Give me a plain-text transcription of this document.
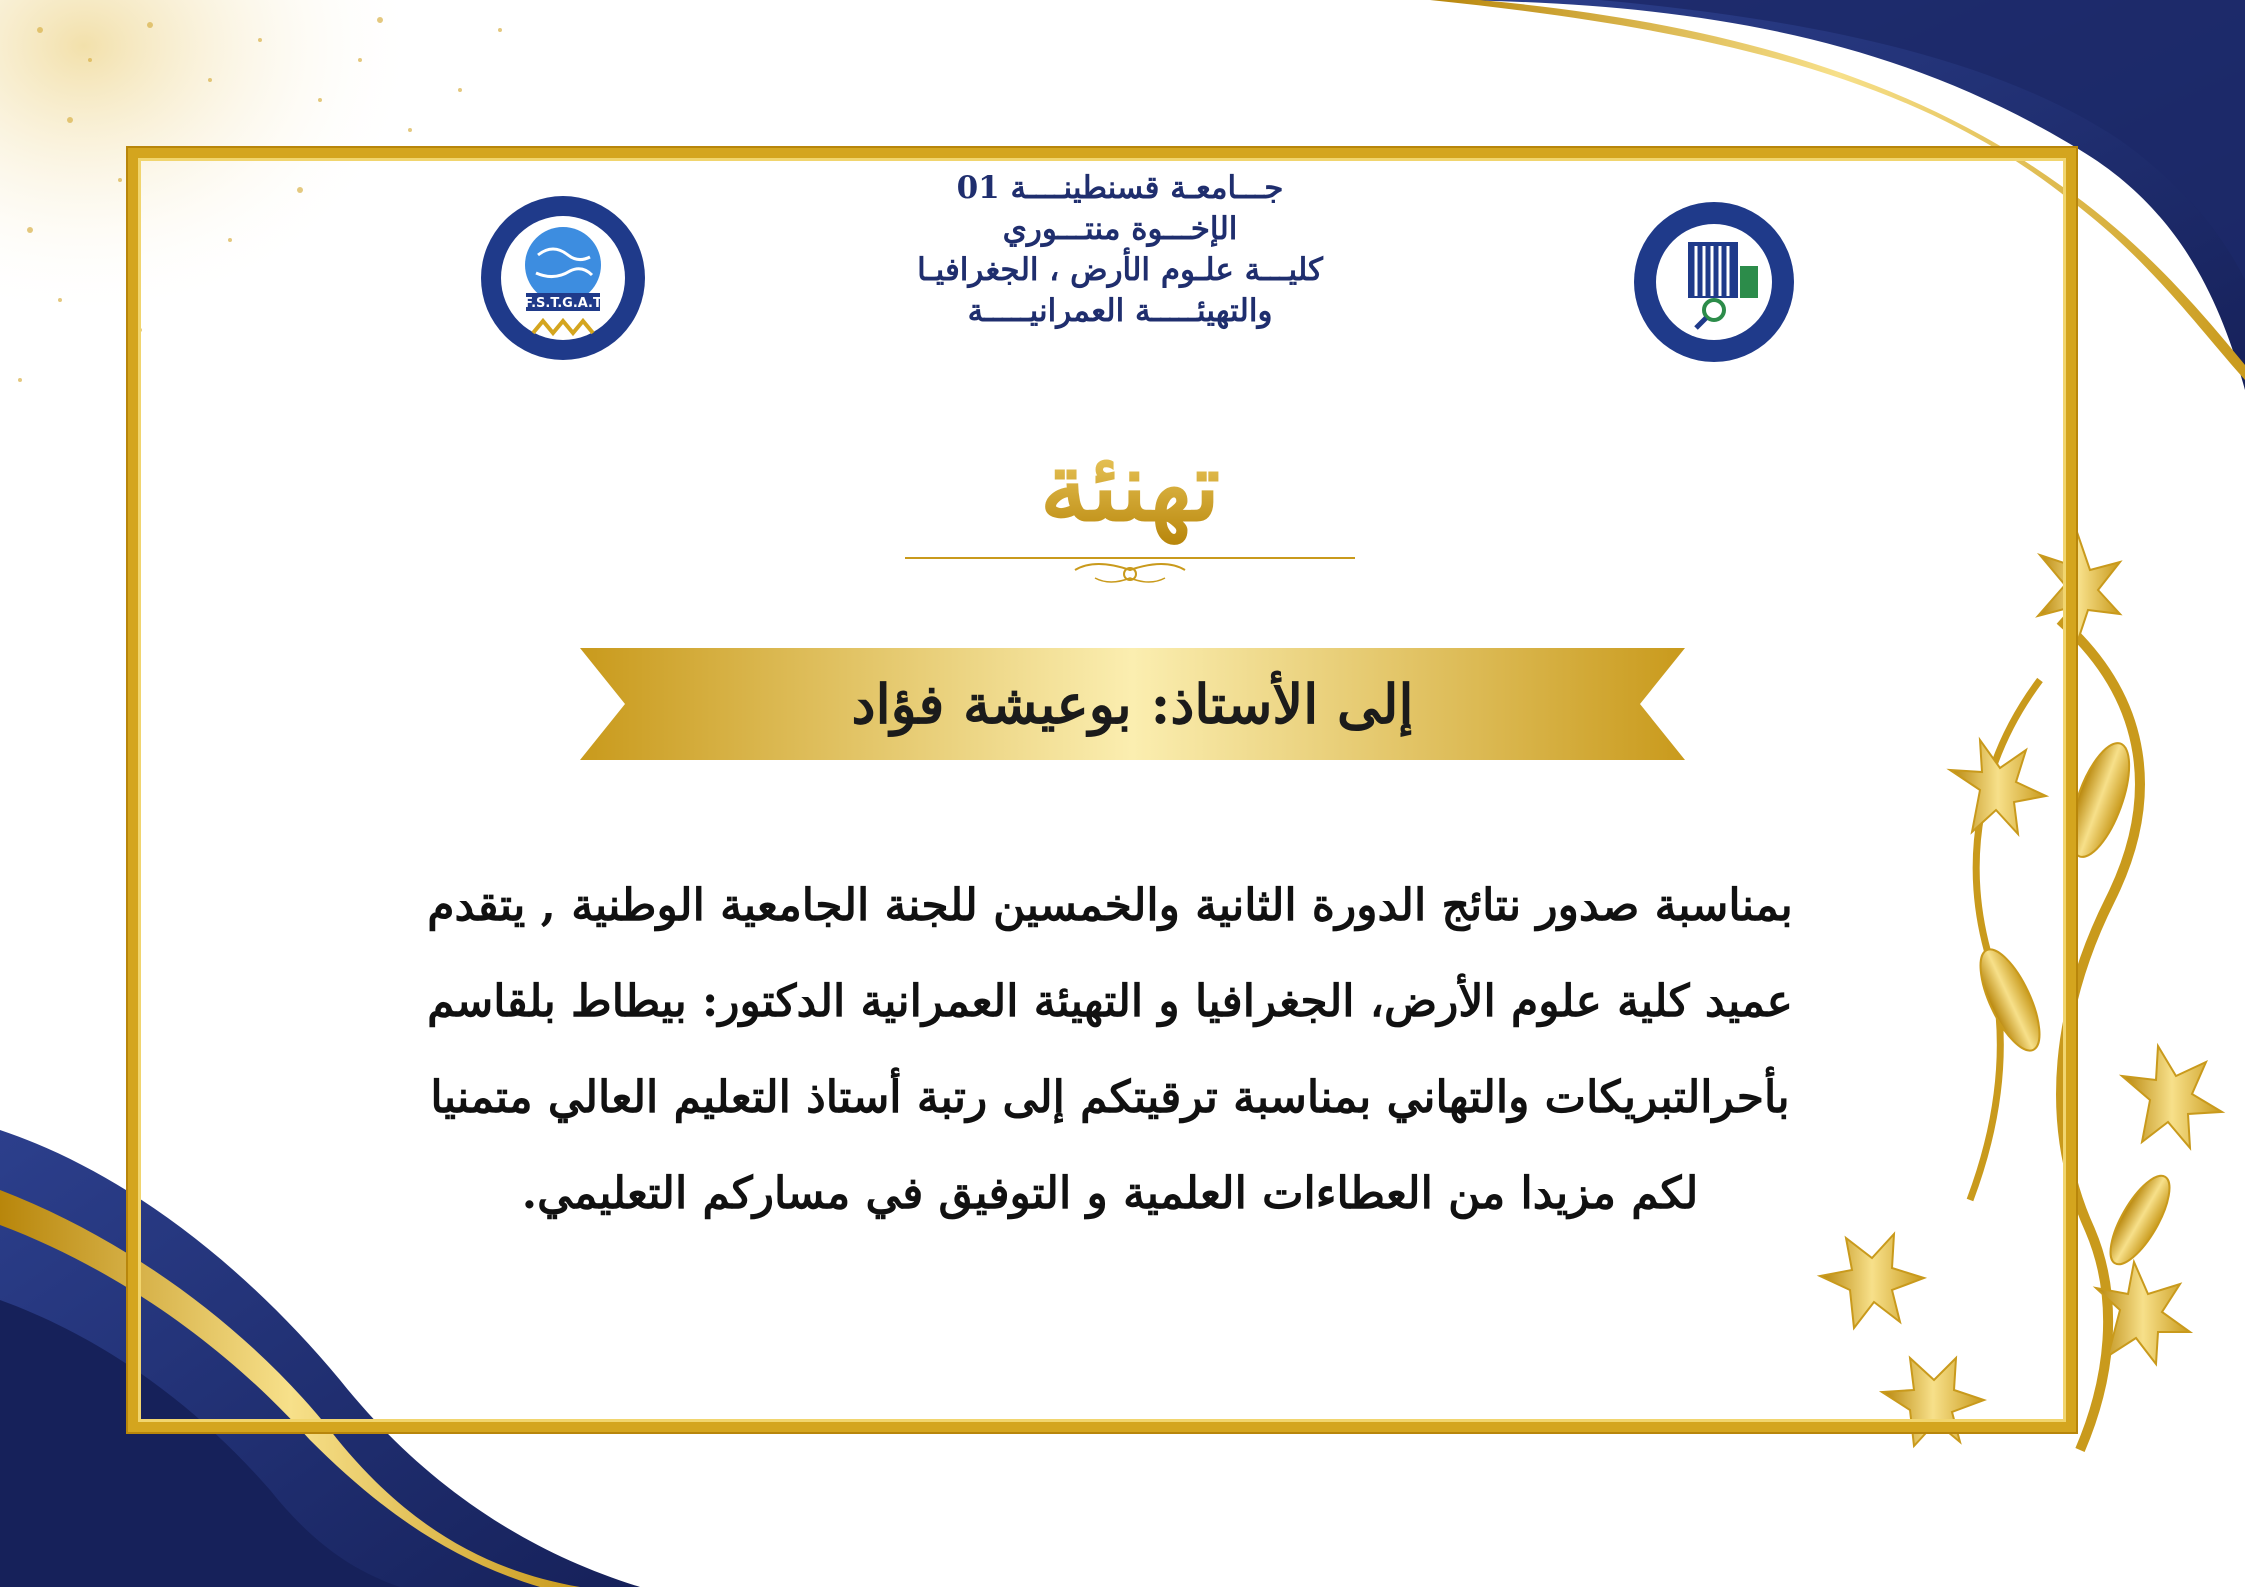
F.S.T.G.A.T
جـــامعـة قسنطينــــة 01
الإخـــوة منتـــوري
كليـــة علـوم الأرض ، الجغرافيـا
والتهيئـــــة العمرانيـــــة
تهنئة
إلى الأستاذ: بوعيشة فؤاد

بمناسبة صدور نتائج الدورة الثانية والخمسين للجنة الجامعية الوطنية , يتقدم

عميد كلية علوم الأرض، الجغرافيا و التهيئة العمرانية الدكتور: بيطاط بلقاسم

بأحرالتبريكات والتهاني بمناسبة ترقيتكم إلى رتبة أستاذ التعليم العالي متمنيا

لكم مزيدا من العطاءات العلمية و التوفيق في مساركم التعليمي.
